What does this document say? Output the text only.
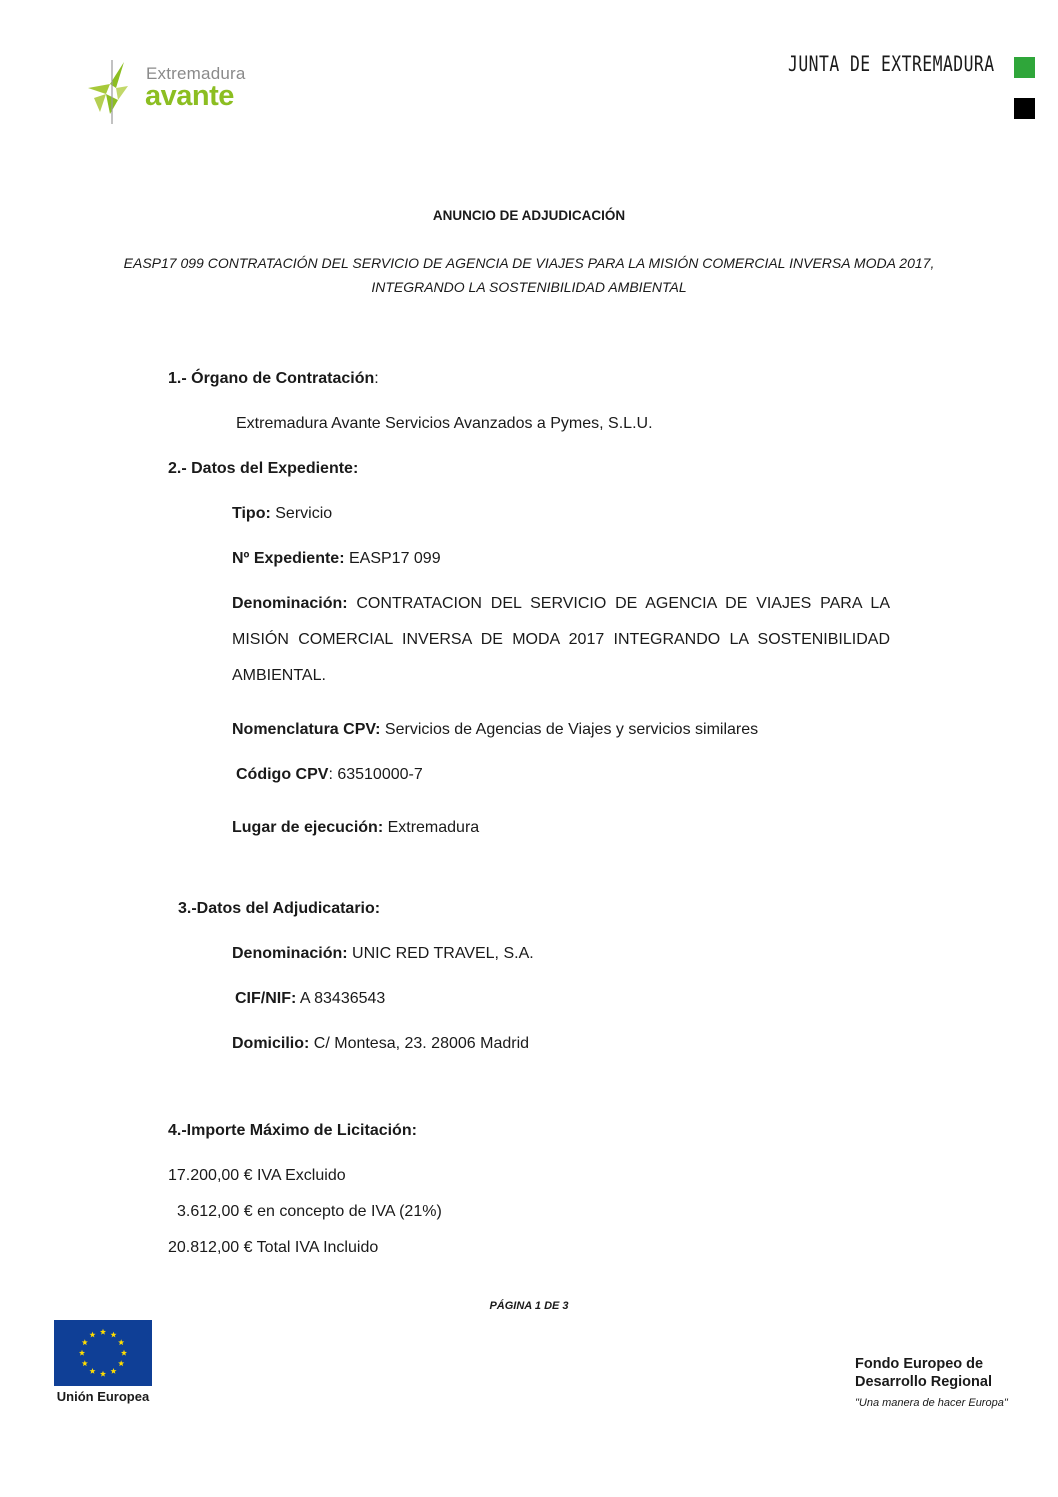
Extremadura
avante
JUNTA DE EXTREMADURA
ANUNCIO DE ADJUDICACIÓN
EASP17 099 CONTRATACIÓN DEL SERVICIO DE AGENCIA DE VIAJES PARA LA MISIÓN COMERCIAL INVERSA MODA 2017,
INTEGRANDO LA SOSTENIBILIDAD AMBIENTAL
1.- Órgano de Contratación:
Extremadura Avante Servicios Avanzados a Pymes, S.L.U.
2.- Datos del Expediente:
Tipo: Servicio
Nº Expediente: EASP17 099
Denominación: CONTRATACION DEL SERVICIO DE AGENCIA DE VIAJES PARA LA
MISIÓN COMERCIAL INVERSA DE MODA 2017 INTEGRANDO LA SOSTENIBILIDAD
AMBIENTAL.
Nomenclatura CPV: Servicios de Agencias de Viajes y servicios similares
Código CPV: 63510000-7
Lugar de ejecución: Extremadura
3.-Datos del Adjudicatario:
Denominación: UNIC RED TRAVEL, S.A.
CIF/NIF: A 83436543
Domicilio: C/ Montesa, 23. 28006 Madrid
4.-Importe Máximo de Licitación:
17.200,00 € IVA Excluido
3.612,00 € en concepto de IVA (21%)
20.812,00 € Total IVA Incluido
PÁGINA 1 DE 3
Unión Europea
Fondo Europeo de
Desarrollo Regional
"Una manera de hacer Europa"
